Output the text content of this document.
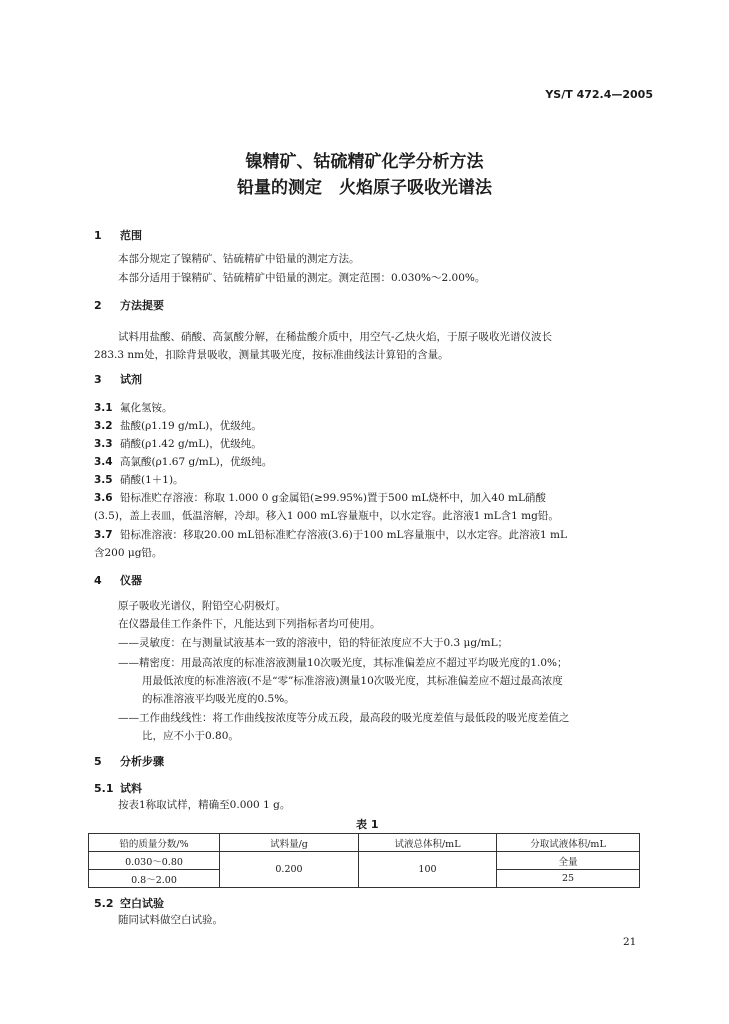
YS/T 472.4—2005
镍精矿、钴硫精矿化学分析方法
铅量的测定　火焰原子吸收光谱法
1 范围
本部分规定了镍精矿、钴硫精矿中铅量的测定方法。
本部分适用于镍精矿、钴硫精矿中铅量的测定。测定范围：0.030%～2.00%。
2 方法提要
试料用盐酸、硝酸、高氯酸分解，在稀盐酸介质中，用空气-乙炔火焰，于原子吸收光谱仪波长
283.3 nm处，扣除背景吸收，测量其吸光度，按标准曲线法计算铅的含量。
3 试剂
3.1 氟化氢铵。
3.2 盐酸(ρ1.19 g/mL)，优级纯。
3.3 硝酸(ρ1.42 g/mL)，优级纯。
3.4 高氯酸(ρ1.67 g/mL)，优级纯。
3.5 硝酸(1＋1)。
3.6 铅标准贮存溶液：称取 1.000 0 g金属铅(≥99.95%)置于500 mL烧杯中，加入40 mL硝酸
(3.5)，盖上表皿，低温溶解，冷却。移入1 000 mL容量瓶中，以水定容。此溶液1 mL含1 mg铅。
3.7 铅标准溶液：移取20.00 mL铅标准贮存溶液(3.6)于100 mL容量瓶中，以水定容。此溶液1 mL
含200 μg铅。
4 仪器
原子吸收光谱仪，附铅空心阴极灯。
在仪器最佳工作条件下，凡能达到下列指标者均可使用。
——灵敏度：在与测量试液基本一致的溶液中，铅的特征浓度应不大于0.3 μg/mL；
——精密度：用最高浓度的标准溶液测量10次吸光度，其标准偏差应不超过平均吸光度的1.0%；
用最低浓度的标准溶液(不是“零”标准溶液)测量10次吸光度，其标准偏差应不超过最高浓度
的标准溶液平均吸光度的0.5%。
——工作曲线线性：将工作曲线按浓度等分成五段，最高段的吸光度差值与最低段的吸光度差值之
比，应不小于0.80。
5 分析步骤
5.1 试料
按表1称取试样，精确至0.000 1 g。
表 1
铅的质量分数/%	试料量/g	试液总体积/mL	分取试液体积/mL
0.030～0.80	0.200	100	全量
0.8～2.00			25
5.2 空白试验
随同试料做空白试验。
21
